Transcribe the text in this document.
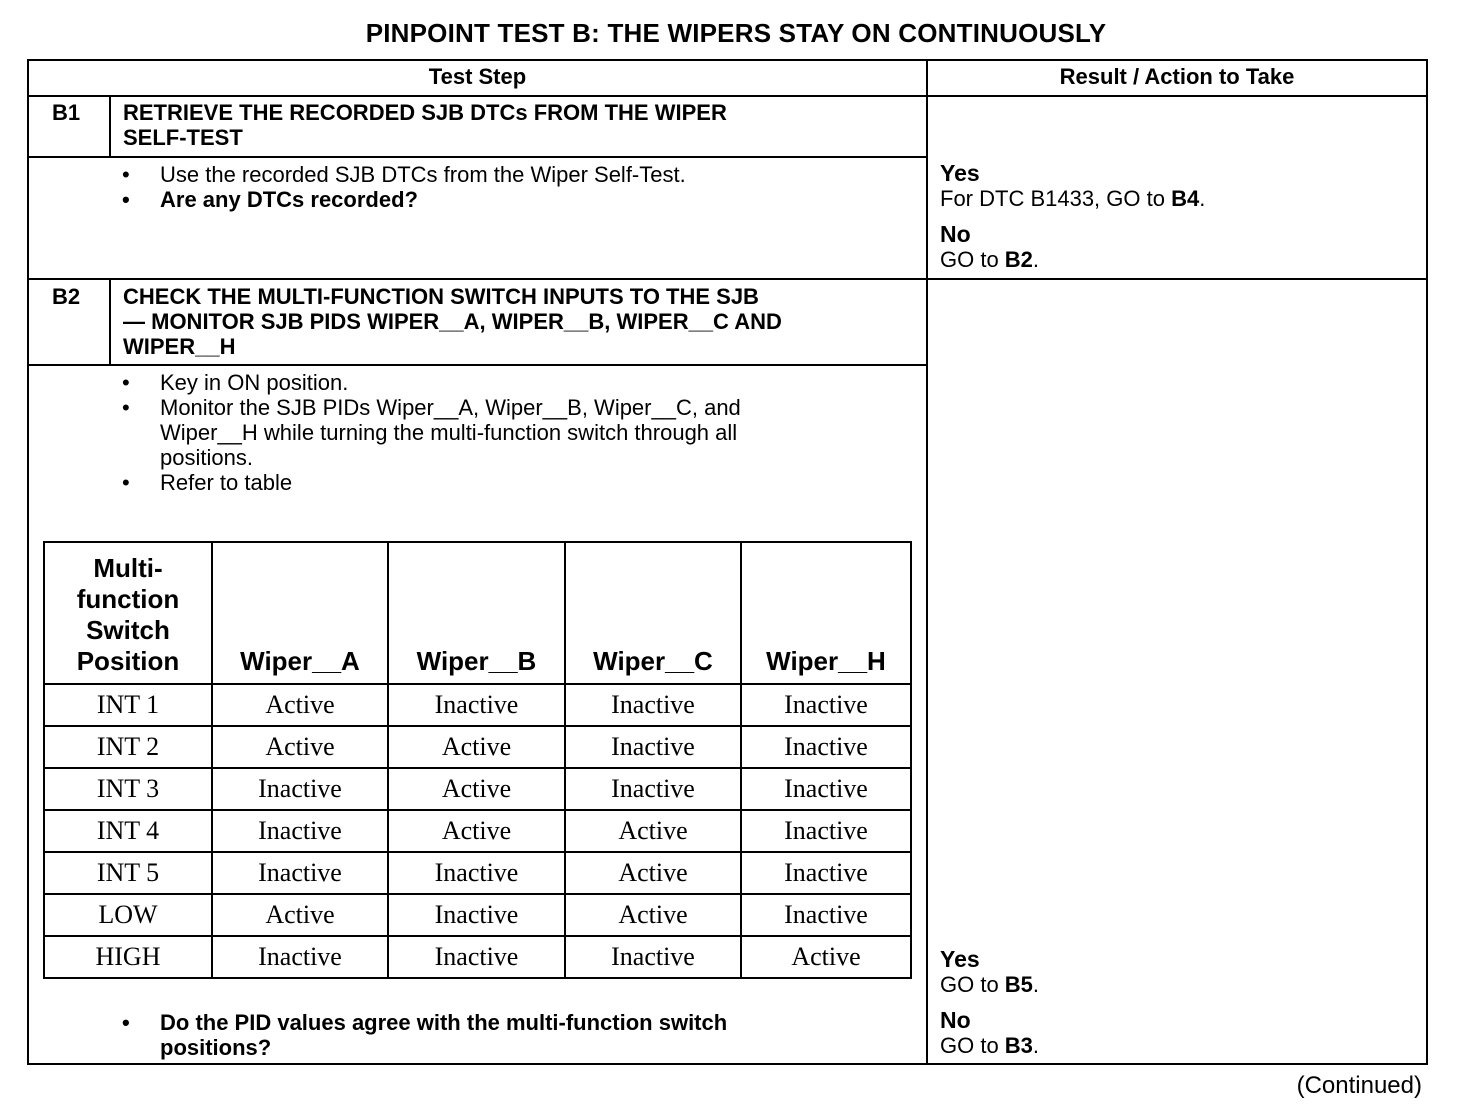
PINPOINT TEST B: THE WIPERS STAY ON CONTINUOUSLY
Test Step	Result / Action to Take
B1 RETRIEVE THE RECORDED SJB DTCs FROM THE WIPER
SELF-TEST
• Use the recorded SJB DTCs from the Wiper Self-Test.
• Are any DTCs recorded?
Yes
For DTC B1433, GO to B4.
No
GO to B2.
B2 CHECK THE MULTI-FUNCTION SWITCH INPUTS TO THE SJB
— MONITOR SJB PIDS WIPER__A, WIPER__B, WIPER__C AND
WIPER__H
• Key in ON position.
• Monitor the SJB PIDs Wiper__A, Wiper__B, Wiper__C, and
Wiper__H while turning the multi-function switch through all
positions.
• Refer to table
Multi-
function
Switch
Position	Wiper__A	Wiper__B	Wiper__C	Wiper__H
INT 1	Active	Inactive	Inactive	Inactive
INT 2	Active	Active	Inactive	Inactive
INT 3	Inactive	Active	Inactive	Inactive
INT 4	Inactive	Active	Active	Inactive
INT 5	Inactive	Inactive	Active	Inactive
LOW	Active	Inactive	Active	Inactive
HIGH	Inactive	Inactive	Inactive	Active
• Do the PID values agree with the multi-function switch
positions?
Yes
GO to B5.
No
GO to B3.
(Continued)
